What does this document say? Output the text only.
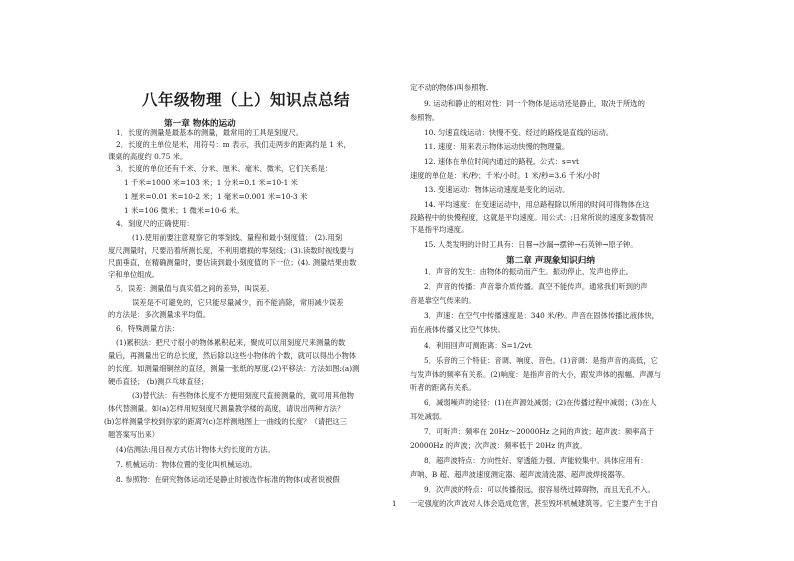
八年级物理（上）知识点总结
第一章 物体的运动
1．长度的测量是最基本的测量，最常用的工具是刻度尺。
2．长度的主单位是米，用符号：m 表示，我们走两步的距离约是 1 米，
课桌的高度约 0.75 米。
3．长度的单位还有千米、分米、厘米、毫米、微米，它们关系是：
1 千米=1000 米=103 米；1 分米=0.1 米=10-1 米
1 厘米=0.01 米=10-2 米；1 毫米=0.001 米=10-3 米
1 米=106 微米；1 微米=10-6 米。
4．刻度尺的正确使用：
(1).使用前要注意观察它的零刻线、量程和最小刻度值； (2).用刻
度尺测量时，尺要沿着所测长度，不利用磨损的零刻线；(3).读数时视线要与
尺面垂直，在精确测量时，要估读到最小刻度值的下一位；(4). 测量结果由数
字和单位组成。
5．误差：测量值与真实值之间的差异，叫误差。
误差是不可避免的，它只能尽量减少，而不能消除，常用减少误差
的方法是：多次测量求平均值。
6．特殊测量方法：
(1)累积法：把尺寸很小的物体累积起来，聚成可以用刻度尺来测量的数
量后，再测量出它的总长度，然后除以这些小物体的个数，就可以得出小物体
的长度。如测量细铜丝的直径，测量一张纸的厚度.(2)平移法：方法如图:(a)测
硬币直径； (b)测乒乓球直径；
(3)替代法：有些物体长度不方便用刻度尺直接测量的，就可用其他物
体代替测量。如(a)怎样用短刻度尺测量教学楼的高度，请说出两种方法？
(b)怎样测量学校到你家的距离?(c)怎样测地图上一曲线的长度？（请把这三
题答案写出来）
(4)估测法:用目视方式估计物体大约长度的方法。
7. 机械运动：物体位置的变化叫机械运动。
8. 参照物：在研究物体运动还是静止时被选作标准的物体(或者说被假
定不动的物体)叫参照物.
9. 运动和静止的相对性：同一个物体是运动还是静止，取决于所选的
参照物。
10. 匀速直线运动：快慢不变、经过的路线是直线的运动。
11. 速度：用来表示物体运动快慢的物理量。
12. 速体在单位时间内通过的路程。公式：s=vt
速度的单位是：米/秒；千米/小时。1 米/秒=3.6 千米/小时
13. 变速运动：物体运动速度是变化的运动。
14. 平均速度：在变速运动中，用总路程除以所用的时间可得物体在这
段路程中的快慢程度，这就是平均速度。用公式：;日常所说的速度多数情况
下是指平均速度。
15. 人类发明的计时工具有：日晷→沙漏→摆钟→石英钟→原子钟。
第二章 声现象知识归纳
1．声音的发生：由物体的振动而产生。振动停止，发声也停止。
2．声音的传播：声音靠介质传播。真空不能传声。通常我们听到的声
音是靠空气传来的。
3．声速：在空气中传播速度是：340 米/秒。声音在固体传播比液体快，
而在液体传播又比空气体快。
4．利用回声可测距离：S=1/2vt
5．乐音的三个特征：音调、响度、音色。(1)音调：是指声音的高低，它
与发声体的频率有关系。(2)响度：是指声音的大小，跟发声体的振幅、声源与
听者的距离有关系。
6．减弱噪声的途径：(1)在声源处减弱；(2)在传播过程中减弱；(3)在人
耳处减弱。
7．可听声：频率在 20Hz～20000Hz 之间的声波；超声波：频率高于
20000Hz 的声波；次声波：频率低于 20Hz 的声波。
8．超声波特点：方向性好、穿透能力强、声能较集中。具体应用有：
声呐、B 超、超声波速度测定器、超声波清洗器、超声波焊接器等。
9．次声波的特点：可以传播很远，很容易绕过障碍物，而且无孔不入。
一定强度的次声波对人体会造成危害，甚至毁坏机械建筑等。它主要产生于自
1
